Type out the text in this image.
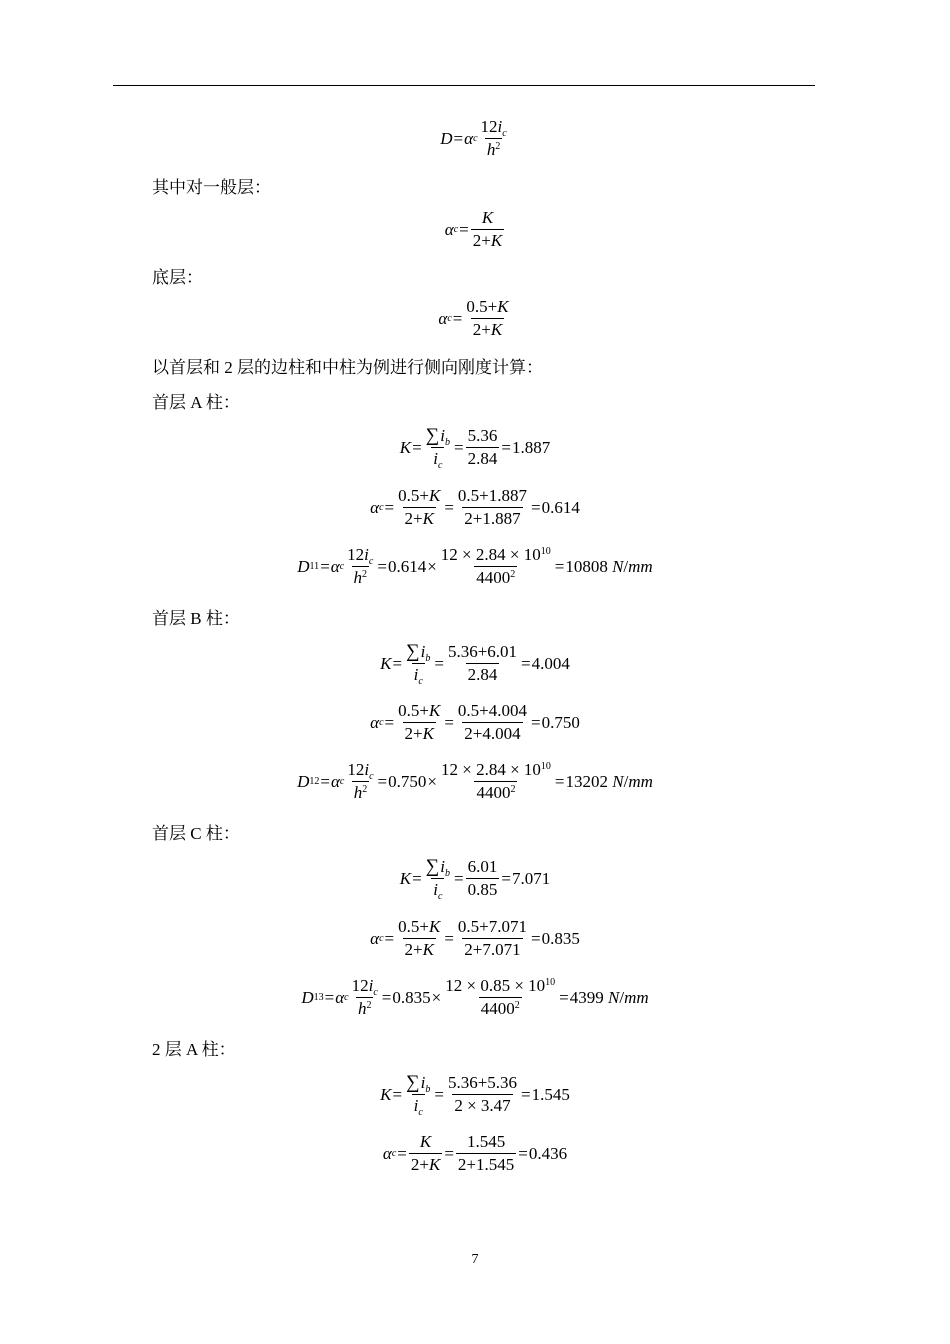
D = α c $\frac{12i_c}{h^2}$
其中对一般层：
α $c = \frac{K}{2+K}$
底层：
α $c = \frac{0.5+K}{2+K}$
以首层和 2 层的边柱和中柱为例进行侧向刚度计算：
首层 A 柱：
$K = \frac{\sum i_b}{i_c} = \frac{5.36}{2.84} = 1.887$
α $c = \frac{0.5+K}{2+K} = \frac{0.5+1.887}{2+1.887} = 0.614$
D 11 = α c $\frac{12i_c}{h^2} = 0.614 \times \frac{12 \times 2.84 \times 10^{10}}{4400^2} = 10808$ N / mm
首层 B 柱：
$K = \frac{\sum i_b}{i_c} = \frac{5.36+6.01}{2.84} = 4.004$
α $c = \frac{0.5+K}{2+K} = \frac{0.5+4.004}{2+4.004} = 0.750$
D 12 = α c $\frac{12i_c}{h^2} = 0.750 \times \frac{12 \times 2.84 \times 10^{10}}{4400^2} = 13202$ N / mm
首层 C 柱：
$K = \frac{\sum i_b}{i_c} = \frac{6.01}{0.85} = 7.071$
α $c = \frac{0.5+K}{2+K} = \frac{0.5+7.071}{2+7.071} = 0.835$
D 13 = α c $\frac{12i_c}{h^2} = 0.835 \times \frac{12 \times 0.85 \times 10^{10}}{4400^2} = 4399$ N / mm
2 层 A 柱：
$K = \frac{\sum i_b}{i_c} = \frac{5.36+5.36}{2 \times 3.47} = 1.545$
α $c = \frac{K}{2+K} = \frac{1.545}{2+1.545} = 0.436$
7
